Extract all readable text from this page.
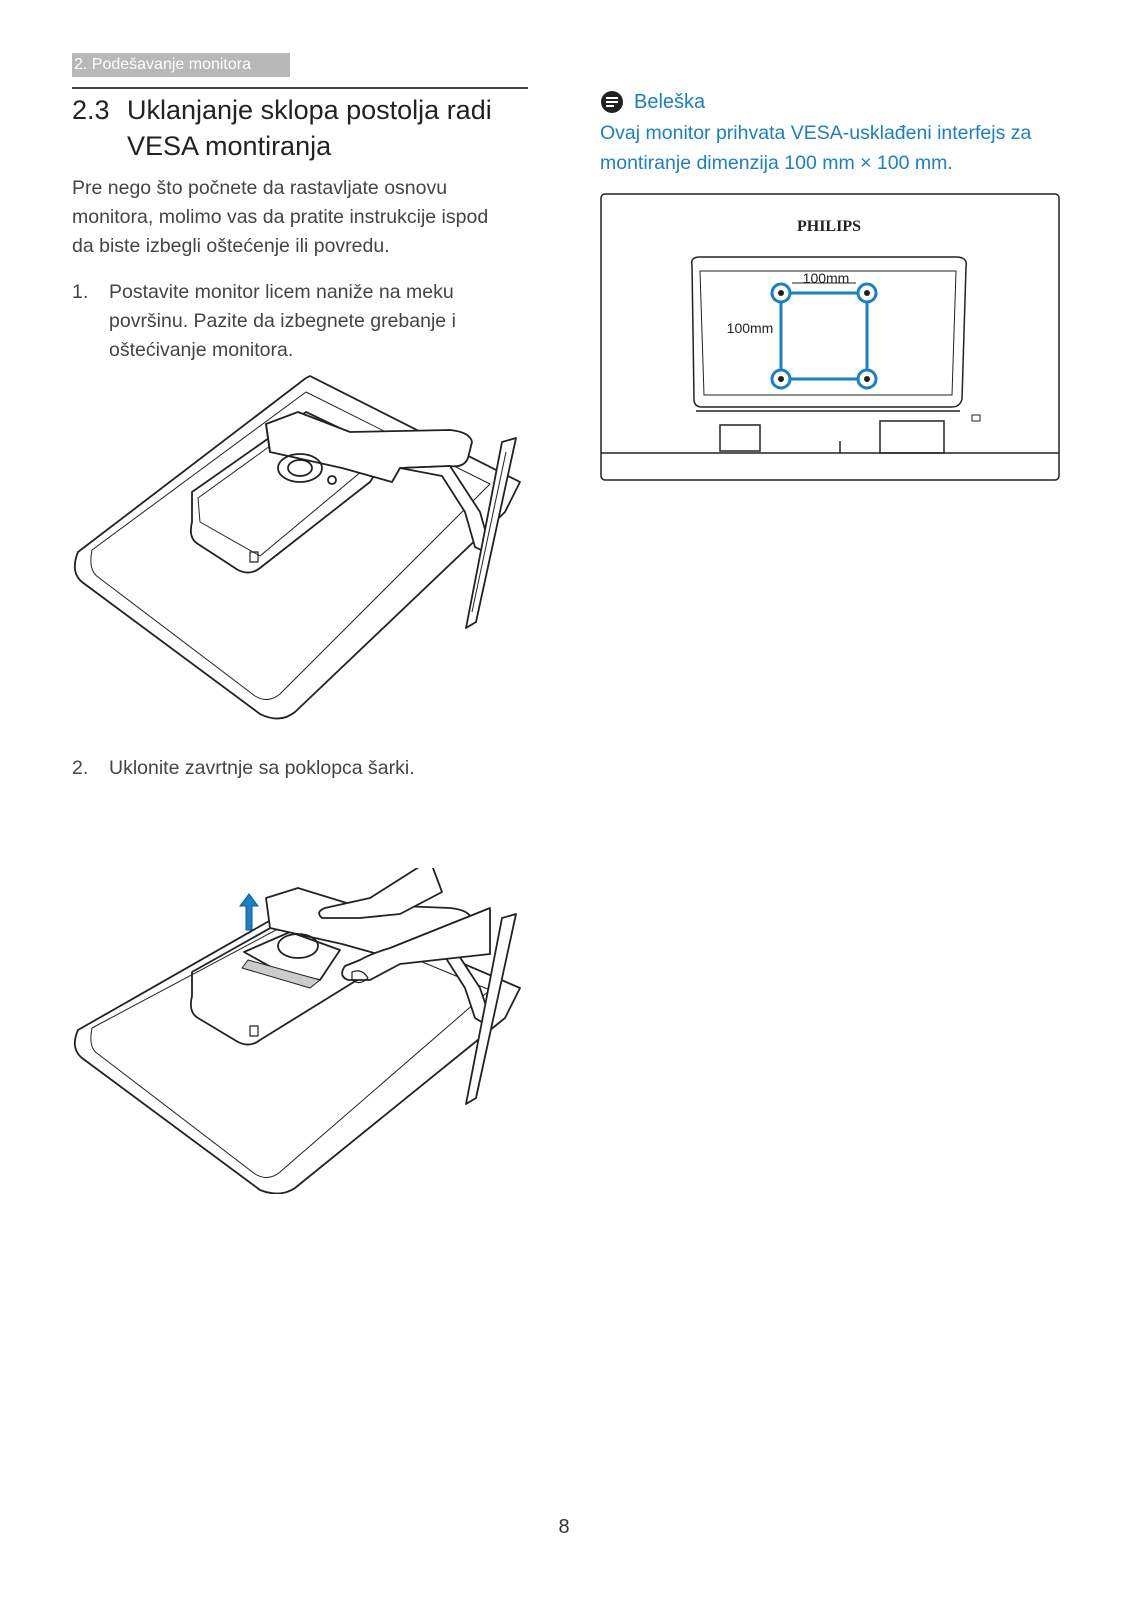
2. Podešavanje monitora
2.3 Uklanjanje sklopa postolja radi
VESA montiranja

Pre nego što počnete da rastavljate osnovu monitora, molimo vas da pratite instrukcije ispod da biste izbegli oštećenje ili povredu.

1. Postavite monitor licem naniže na meku površinu. Pazite da izbegnete grebanje i oštećivanje monitora.
2. Uklonite zavrtnje sa poklopca šarki.
Beleška

Ovaj monitor prihvata VESA-usklađeni interfejs za montiranje dimenzija 100 mm × 100 mm.

PHILIPS
100mm
100mm
8
